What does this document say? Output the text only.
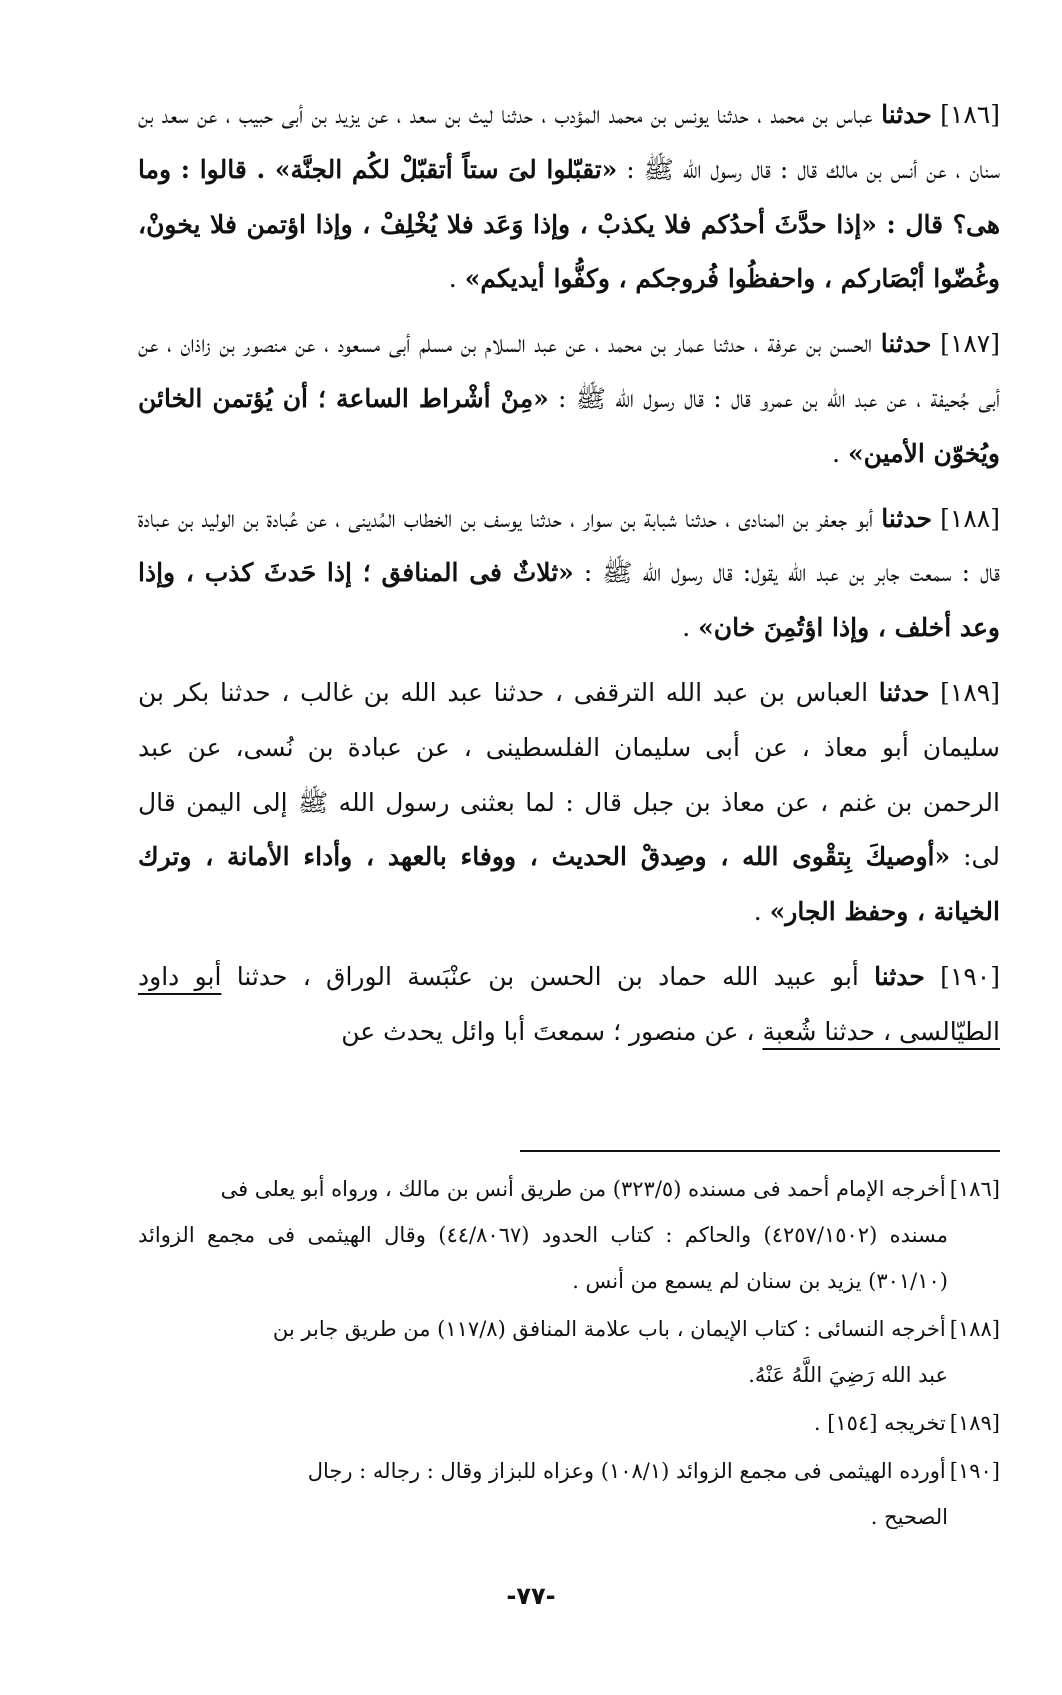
[١٨٦] حدثنا عباس بن محمد ، حدثنا يونس بن محمد المؤدب ، حدثنا ليث بن سعد ، عن يزيد بن أبى حبيب ، عن سعد بن سنان ، عن أنس بن مالك قال : قال رسول الله ﷺ : «تقبّلوا لىَ ستاً أتقبّلْ لكُم الجنَّة» . قالوا : وما هى؟ قال : «إذا حدَّثَ أحدُكم فلا يكذبْ ، وإذا وَعَد فلا يُخْلِفْ ، وإذا اؤتمن فلا يخونْ، وغُضّوا أبْصَاركم ، واحفظُوا فُروجكم ، وكفُّوا أيديكم» .

[١٨٧] حدثنا الحسن بن عرفة ، حدثنا عمار بن محمد ، عن عبد السلام بن مسلم أبى مسعود ، عن منصور بن زاذان ، عن أبى جُحيفة ، عن عبد الله بن عمرو قال : قال رسول الله ﷺ : «مِنْ أشْراط الساعة ؛ أن يُؤتمن الخائن ويُخوّن الأمين» .

[١٨٨] حدثنا أبو جعفر بن المنادى ، حدثنا شبابة بن سوار ، حدثنا يوسف بن الخطاب المُدينى ، عن عُبادة بن الوليد بن عبادة قال : سمعت جابر بن عبد الله يقول: قال رسول الله ﷺ : «ثلاثٌ فى المنافق ؛ إذا حَدثَ كذب ، وإذا وعد أخلف ، وإذا اؤتُمِنَ خان» .

[١٨٩] حدثنا العباس بن عبد الله الترقفى ، حدثنا عبد الله بن غالب ، حدثنا بكر بن سليمان أبو معاذ ، عن أبى سليمان الفلسطينى ، عن عبادة بن نُسى، عن عبد الرحمن بن غنم ، عن معاذ بن جبل قال : لما بعثنى رسول الله ﷺ إلى اليمن قال لى: «أوصيكَ بِتقْوى الله ، وصِدقْ الحديث ، ووفاء بالعهد ، وأداء الأمانة ، وترك الخيانة ، وحفظ الجار» .

[١٩٠] حدثنا أبو عبيد الله حماد بن الحسن بن عنْبَسة الوراق ، حدثنا أبو داود الطيّالسى ، حدثنا شُعبة ، عن منصور ؛ سمعتَ أبا وائل يحدث عن

[١٨٦]أخرجه الإمام أحمد فى مسنده (٣٢٣/٥) من طريق أنس بن مالك ، ورواه أبو يعلى فى
مسنده (٤٢٥٧/١٥٠٢) والحاكم : كتاب الحدود (٤٤/٨٠٦٧) وقال الهيثمى فى مجمع الزوائد (٣٠١/١٠) يزيد بن سنان لم يسمع من أنس .

[١٨٨]أخرجه النسائى : كتاب الإيمان ، باب علامة المنافق (١١٧/٨) من طريق جابر بن
عبد الله رَضِيَ اللَّهُ عَنْهُ.

[١٨٩]تخريجه [١٥٤] .

[١٩٠]أورده الهيثمى فى مجمع الزوائد (١٠٨/١) وعزاه للبزاز وقال : رجاله : رجال
الصحيح .

-٧٧-
